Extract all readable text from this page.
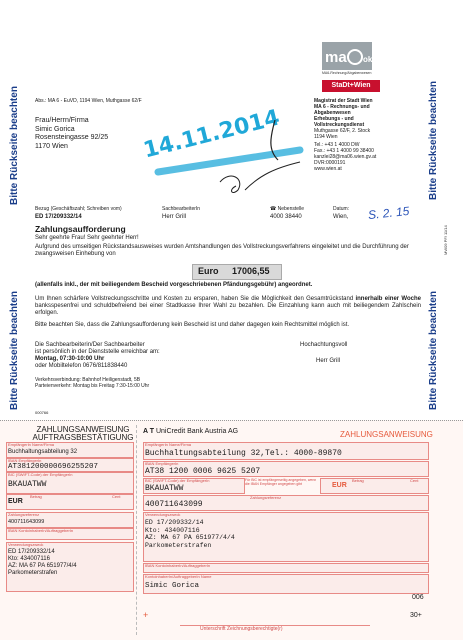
Bitte Rückseite beachten
Bitte Rückseite beachten
Bitte Rückseite beachten
Bitte Rückseite beachten
MW09 PF/ 11/14
ma ok
MA6-Rechnung/Abgabenwesen
StaDt+Wien
Abs.: MA 6 - EuVD, 1194 Wien, Muthgasse 62/F
Frau/Herrn/Firma
Simic Gorica
Rosensteingasse 92/25
1170 Wien
Magistrat der Stadt Wien
MA 6 - Rechnungs- und
Abgabenwesen
Erhebungs - und
Vollstreckungsdienst
Muthgasse 62/F, 2. Stock
1194 Wien
Tel.: +43 1 4000 DW
Fax.: +43 1 4000 99 38400
kanzlei28@ma06.wien.gv.at
DVR:0000191
www.wien.at
14.11.2014
S. 2. 15
Bezug (Geschäftszahl; Schreiben vom)	SachbearbeiterIn	☎ Nebenstelle	Datum:
ED 17/209332/14	Herr Grill	4000 38440	Wien,
Zahlungsaufforderung
Sehr geehrte Frau! Sehr geehrter Herr!
Aufgrund des umseitigen Rückstandsausweises wurden Amtshandlungen des Vollstreckungsverfahrens eingeleitet und die Durchführung der zwangsweisen Einhebung von
Euro 17006,55
(allenfalls inkl., der mit beiliegendem Bescheid vorgeschriebenen Pfändungsgebühr) angeordnet.
Um Ihnen schärfere Vollstreckungsschritte und Kosten zu ersparen, haben Sie die Möglichkeit den Gesamtrückstand innerhalb einer Woche banksspesenfrei und schuldbefreiend bei einer Stadtkasse Ihrer Wahl zu bezahlen. Die Einzahlung kann auch mit beiliegendem Zahlschein erfolgen.
Bitte beachten Sie, dass die Zahlungsaufforderung kein Bescheid ist und daher dagegen kein Rechtsmittel möglich ist.
Die Sachbearbeiterin/Der Sachbearbeiter
ist persönlich in der Dienststelle erreichbar am:
Montag, 07:30-10:00 Uhr
oder Mobiltelefon 0676/811838440
Hochachtungsvoll
Herr Grill
Verkehrsverbindung: Bahnhof Heiligenstadt, 5B
Parteienverkehr: Montag bis Freitag 7:30-15:00 Uhr
000766
ZAHLUNGSANWEISUNG
AUFTRAGSBESTÄTIGUNG
A T UniCredit Bank Austria AG	ZAHLUNGSANWEISUNG
EmpfängerIn Name/Firma
Buchhaltungsabteilung 32
IBAN EmpfängerIn
AT381200000696255207
BIC (SWIFT-Code) der EmpfängerIn
BKAUATWW
EUR
Betrag	Cent
Zahlungsreferenz
400711643099
IBAN KontoinhaberIn/AuftraggeberIn
Verwendungszweck
ED 17/209332/14
Kto: 434007116
AZ: MA 67 PA 651977/4/4
Parkometerstrafen
EmpfängerIn Name/Firma
Buchhaltungsabteilung 32,Tel.: 4000-89870
IBAN EmpfängerIn
AT38 1200 0006 9625 5207
BIC (SWIFT-Code) der EmpfängerIn
BKAUATWW
Für BIC ist empfängerseitig angegeben, wenn die IBAN Empfänger angegeben gibt	EUR
Betrag	Cent
400711643099
Zahlungsreferenz
Verwendungszweck
ED 17/209332/14
Kto: 434007116
AZ: MA 67 PA 651977/4/4
Parkometerstrafen
IBAN KontoinhaberIn/AuftraggeberIn
KontoinhaberIn/AuftraggeberIn Name
Simic Gorica
006
30+
+
Unterschrift Zeichnungsberechtigte(r)
